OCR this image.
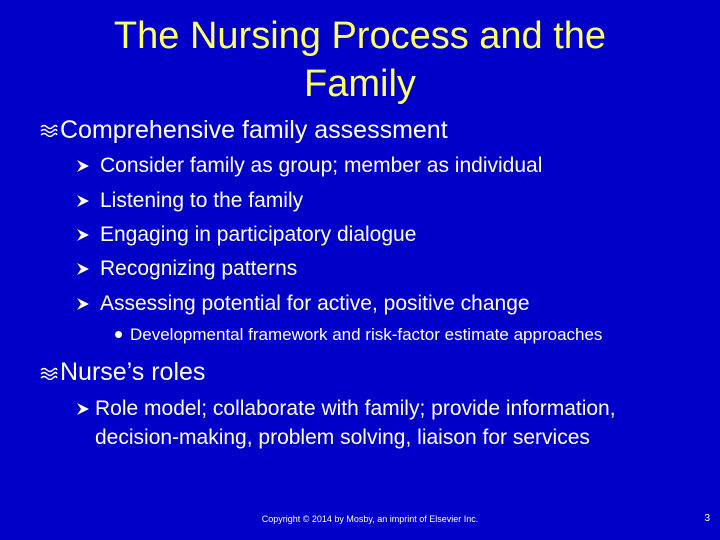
The Nursing Process and the Family
Comprehensive family assessment
Consider family as group; member as individual
Listening to the family
Engaging in participatory dialogue
Recognizing patterns
Assessing potential for active, positive change
Developmental framework and risk-factor estimate approaches
Nurse’s roles
Role model; collaborate with family; provide information, decision-making, problem solving, liaison for services
Copyright © 2014 by Mosby, an imprint of Elsevier Inc.	3
